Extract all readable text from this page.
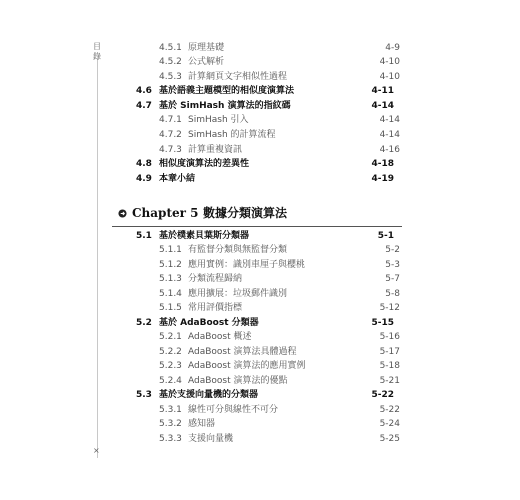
目
錄
×
4.5.1 原理基礎	4-9
4.5.2 公式解析	4-10
4.5.3 計算網頁文字相似性過程	4-10
4.6 基於語義主題模型的相似度演算法	4-11
4.7 基於 SimHash 演算法的指紋碼	4-14
4.7.1 SimHash 引入	4-14
4.7.2 SimHash 的計算流程	4-14
4.7.3 計算重複資訊	4-16
4.8 相似度演算法的差異性	4-18
4.9 本章小結	4-19
Chapter 5 數據分類演算法
5.1 基於樸素貝葉斯分類器	5-1
5.1.1 有監督分類與無監督分類	5-2
5.1.2 應用實例：識別車厘子與櫻桃	5-3
5.1.3 分類流程歸納	5-7
5.1.4 應用擴展：垃圾郵件識別	5-8
5.1.5 常用評價指標	5-12
5.2 基於 AdaBoost 分類器	5-15
5.2.1 AdaBoost 概述	5-16
5.2.2 AdaBoost 演算法具體過程	5-17
5.2.3 AdaBoost 演算法的應用實例	5-18
5.2.4 AdaBoost 演算法的優點	5-21
5.3 基於支援向量機的分類器	5-22
5.3.1 線性可分與線性不可分	5-22
5.3.2 感知器	5-24
5.3.3 支援向量機	5-25
